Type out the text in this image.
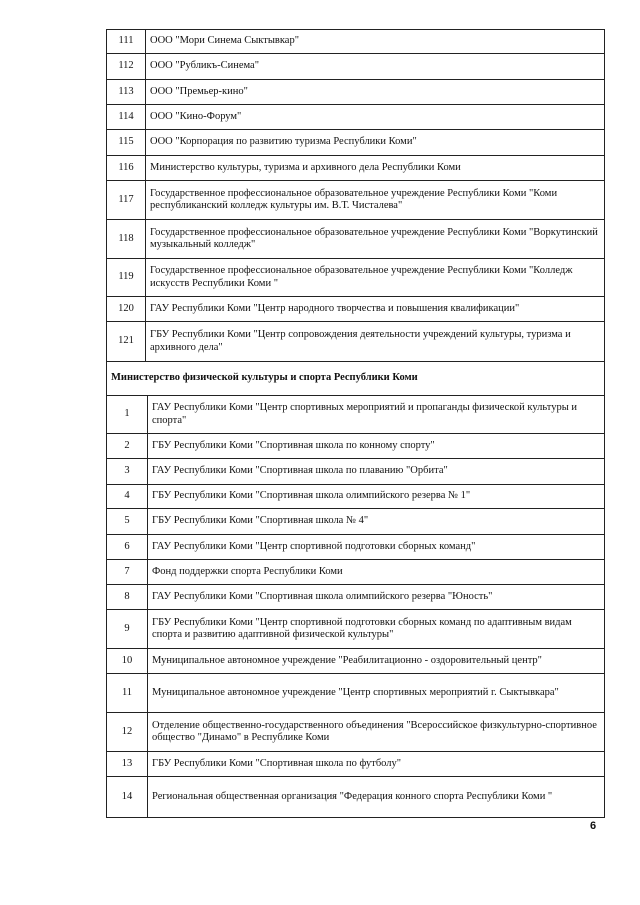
111	ООО "Мори Синема Сыктывкар"
112	ООО "Рубликъ-Синема"
113	ООО "Премьер-кино"
114	ООО "Кино-Форум"
115	ООО "Корпорация по развитию туризма Республики Коми"
116	Министерство культуры, туризма и архивного дела Республики Коми
117	Государственное профессиональное образовательное учреждение Республики Коми "Коми республиканский колледж культуры им. В.Т. Чисталева"
118	Государственное профессиональное образовательное учреждение Республики Коми "Воркутинский музыкальный колледж"
119	Государственное профессиональное образовательное учреждение Республики Коми "Колледж искусств Республики Коми "
120	ГАУ Республики Коми "Центр народного творчества и повышения квалификации"
121	ГБУ Республики Коми "Центр сопровождения деятельности учреждений культуры, туризма и архивного дела"
Министерство физической культуры и спорта Республики Коми
1	ГАУ Республики Коми "Центр спортивных мероприятий и пропаганды физической культуры и спорта"
2	ГБУ Республики Коми "Спортивная школа по конному спорту"
3	ГАУ Республики Коми "Спортивная школа по плаванию "Орбита"
4	ГБУ Республики Коми "Спортивная школа олимпийского резерва № 1"
5	ГБУ Республики Коми "Спортивная школа № 4"
6	ГАУ Республики Коми "Центр спортивной подготовки сборных команд"
7	Фонд поддержки спорта Республики Коми
8	ГАУ Республики Коми "Спортивная школа олимпийского резерва "Юность"
9	ГБУ Республики Коми "Центр спортивной подготовки сборных команд по адаптивным видам спорта и развитию адаптивной физической культуры"
10	Муниципальное автономное учреждение "Реабилитационно - оздоровительный центр"
11	Муниципальное автономное учреждение "Центр спортивных мероприятий г. Сыктывкара"
12	Отделение общественно-государственного объединения "Всероссийское физкультурно-спортивное общество "Динамо" в Республике Коми
13	ГБУ Республики Коми "Спортивная школа по футболу"
14	Региональная общественная организация "Федерация конного спорта Республики Коми "
6
